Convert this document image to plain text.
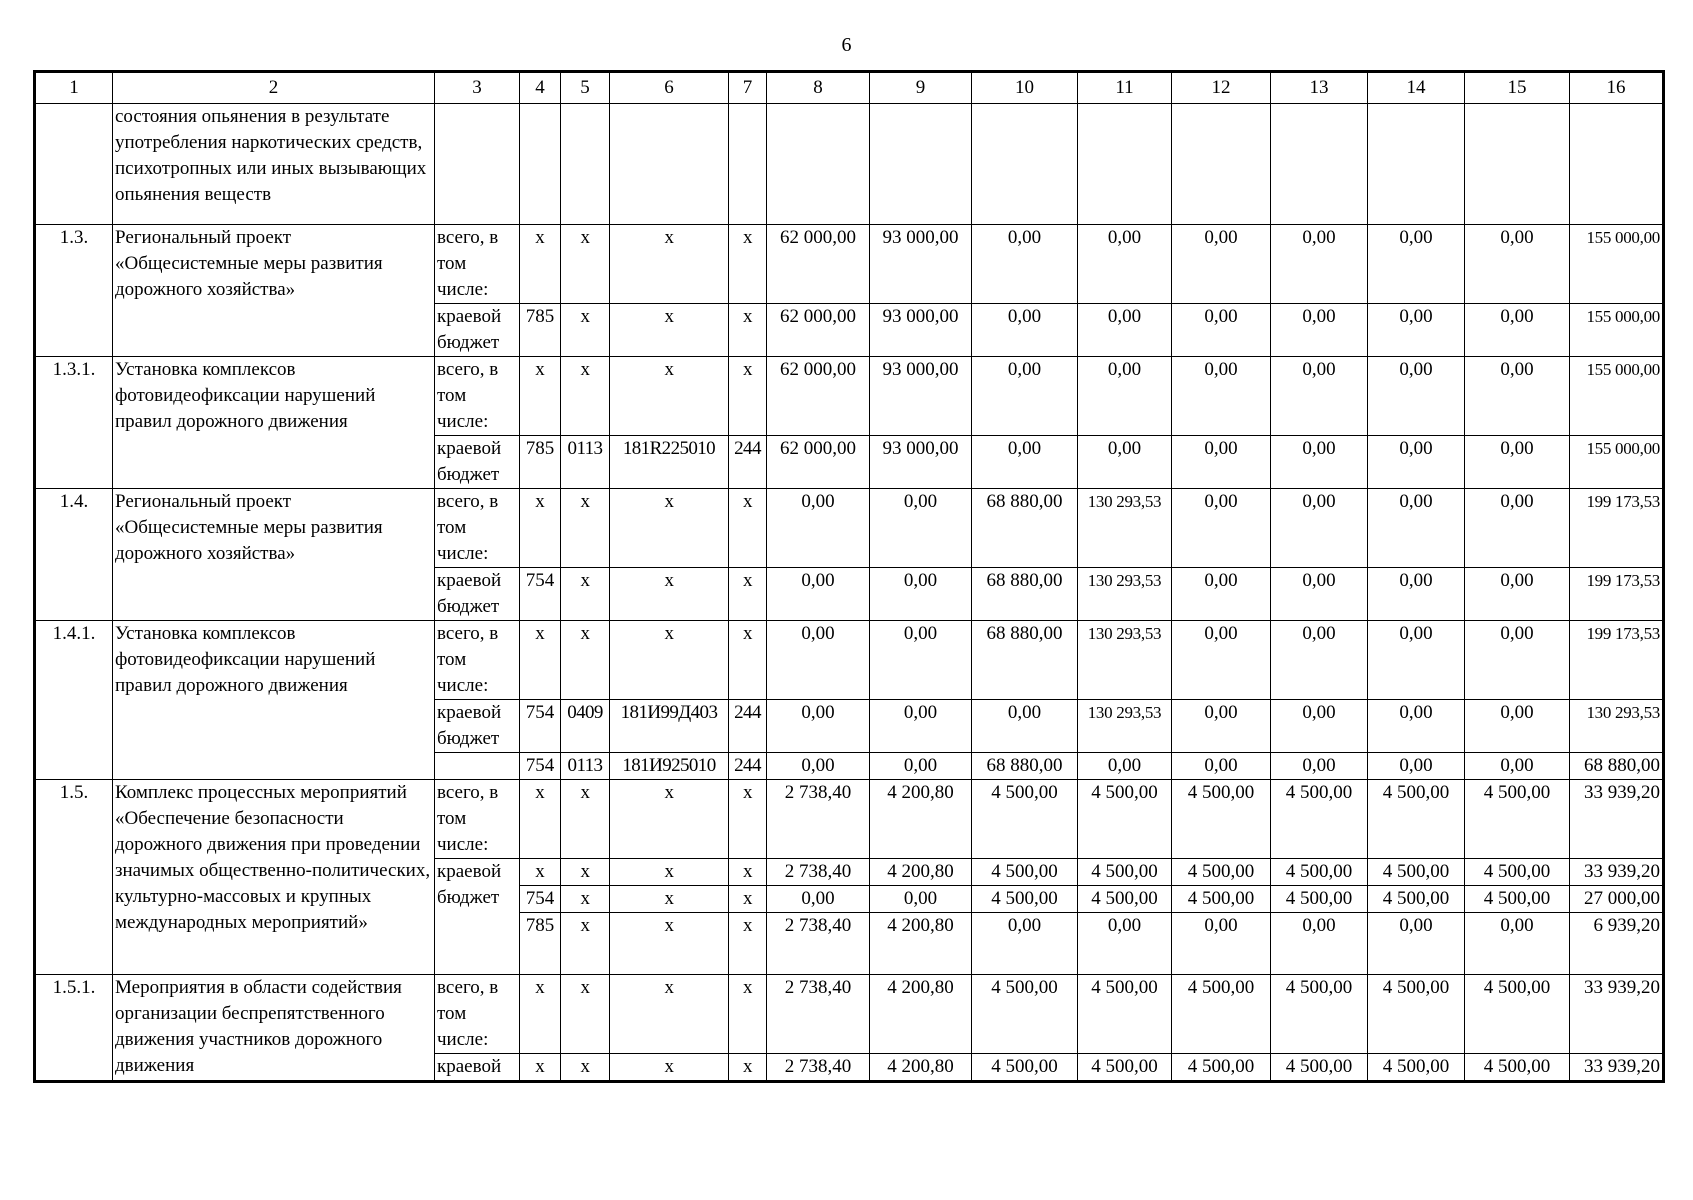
6
1	2	3	4	5	6	7	8	9	10	11	12	13	14	15	16
	состояния опьянения в результате употребления наркотических средств, психотропных или иных вызывающих опьянения веществ														
1.3.	Региональный проект «Общесистемные меры развития дорожного хозяйства»	всего, в том числе:	x	x	x	x	62 000,00	93 000,00	0,00	0,00	0,00	0,00	0,00	0,00	155 000,00
		краевой бюджет	785	x	x	x	62 000,00	93 000,00	0,00	0,00	0,00	0,00	0,00	0,00	155 000,00
1.3.1.	Установка комплексов фотовидеофиксации нарушений правил дорожного движения	всего, в том числе:	x	x	x	x	62 000,00	93 000,00	0,00	0,00	0,00	0,00	0,00	0,00	155 000,00
		краевой бюджет	785	0113	181R225010	244	62 000,00	93 000,00	0,00	0,00	0,00	0,00	0,00	0,00	155 000,00
1.4.	Региональный проект «Общесистемные меры развития дорожного хозяйства»	всего, в том числе:	x	x	x	x	0,00	0,00	68 880,00	130 293,53	0,00	0,00	0,00	0,00	199 173,53
		краевой бюджет	754	x	x	x	0,00	0,00	68 880,00	130 293,53	0,00	0,00	0,00	0,00	199 173,53
1.4.1.	Установка комплексов фотовидеофиксации нарушений правил дорожного движения	всего, в том числе:	x	x	x	x	0,00	0,00	68 880,00	130 293,53	0,00	0,00	0,00	0,00	199 173,53
		краевой бюджет	754	0409	181И99Д403	244	0,00	0,00	0,00	130 293,53	0,00	0,00	0,00	0,00	130 293,53
			754	0113	181И925010	244	0,00	0,00	68 880,00	0,00	0,00	0,00	0,00	0,00	68 880,00
1.5.	Комплекс процессных мероприятий «Обеспечение безопасности дорожного движения при проведении значимых общественно-политических, культурно-массовых и крупных международных мероприятий»	всего, в том числе:	x	x	x	x	2 738,40	4 200,80	4 500,00	4 500,00	4 500,00	4 500,00	4 500,00	4 500,00	33 939,20
		краевой бюджет	x	x	x	x	2 738,40	4 200,80	4 500,00	4 500,00	4 500,00	4 500,00	4 500,00	4 500,00	33 939,20
			754	x	x	x	0,00	0,00	4 500,00	4 500,00	4 500,00	4 500,00	4 500,00	4 500,00	27 000,00
			785	x	x	x	2 738,40	4 200,80	0,00	0,00	0,00	0,00	0,00	0,00	6 939,20
1.5.1.	Мероприятия в области содействия организации беспрепятственного движения участников дорожного движения	всего, в том числе:	x	x	x	x	2 738,40	4 200,80	4 500,00	4 500,00	4 500,00	4 500,00	4 500,00	4 500,00	33 939,20
		краевой	x	x	x	x	2 738,40	4 200,80	4 500,00	4 500,00	4 500,00	4 500,00	4 500,00	4 500,00	33 939,20
